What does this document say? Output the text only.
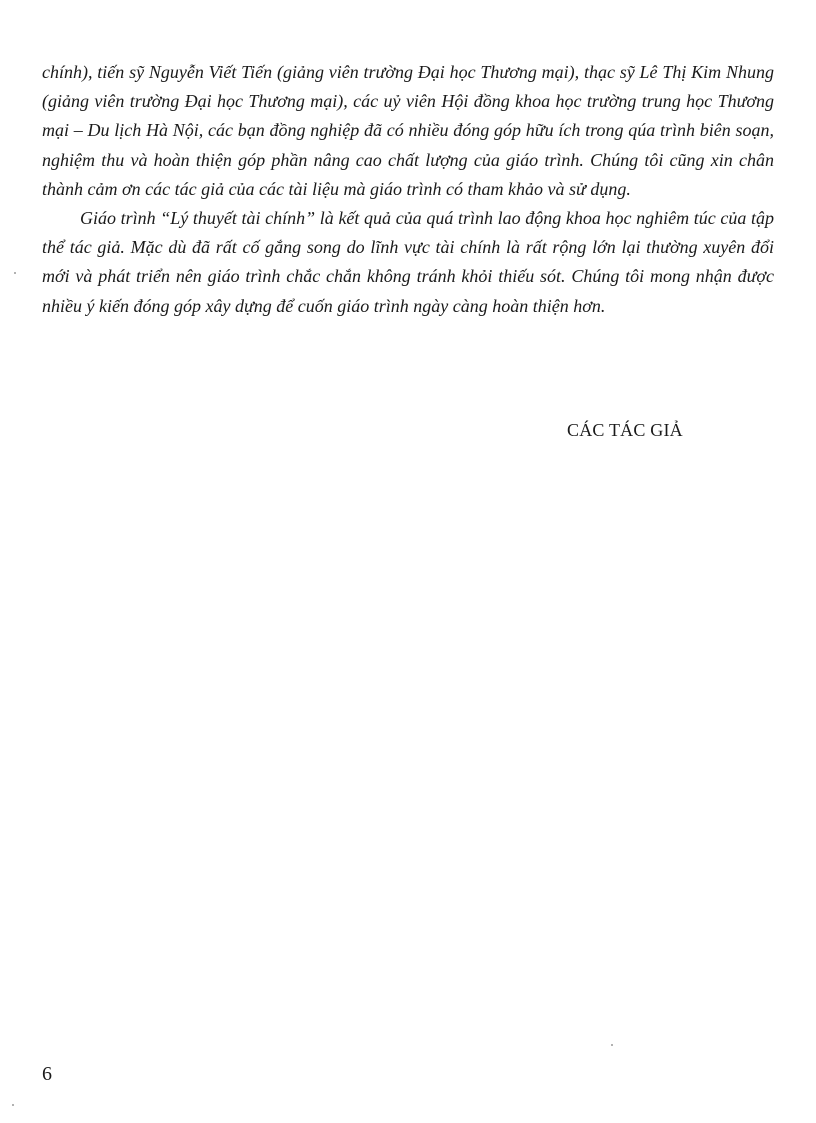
chính), tiến sỹ Nguyễn Viết Tiến (giảng viên trường Đại học Thương mại), thạc sỹ Lê Thị Kim Nhung (giảng viên trường Đại học Thương mại), các uỷ viên Hội đồng khoa học trường trung học Thương mại – Du lịch Hà Nội, các bạn đồng nghiệp đã có nhiều đóng góp hữu ích trong qúa trình biên soạn, nghiệm thu và hoàn thiện góp phần nâng cao chất lượng của giáo trình. Chúng tôi cũng xin chân thành cảm ơn các tác giả của các tài liệu mà giáo trình có tham khảo và sử dụng.

Giáo trình “Lý thuyết tài chính” là kết quả của quá trình lao động khoa học nghiêm túc của tập thể tác giả. Mặc dù đã rất cố gắng song do lĩnh vực tài chính là rất rộng lớn lại thường xuyên đổi mới và phát triển nên giáo trình chắc chắn không tránh khỏi thiếu sót. Chúng tôi mong nhận được nhiều ý kiến đóng góp xây dựng để cuốn giáo trình ngày càng hoàn thiện hơn.

CÁC TÁC GIẢ
6
